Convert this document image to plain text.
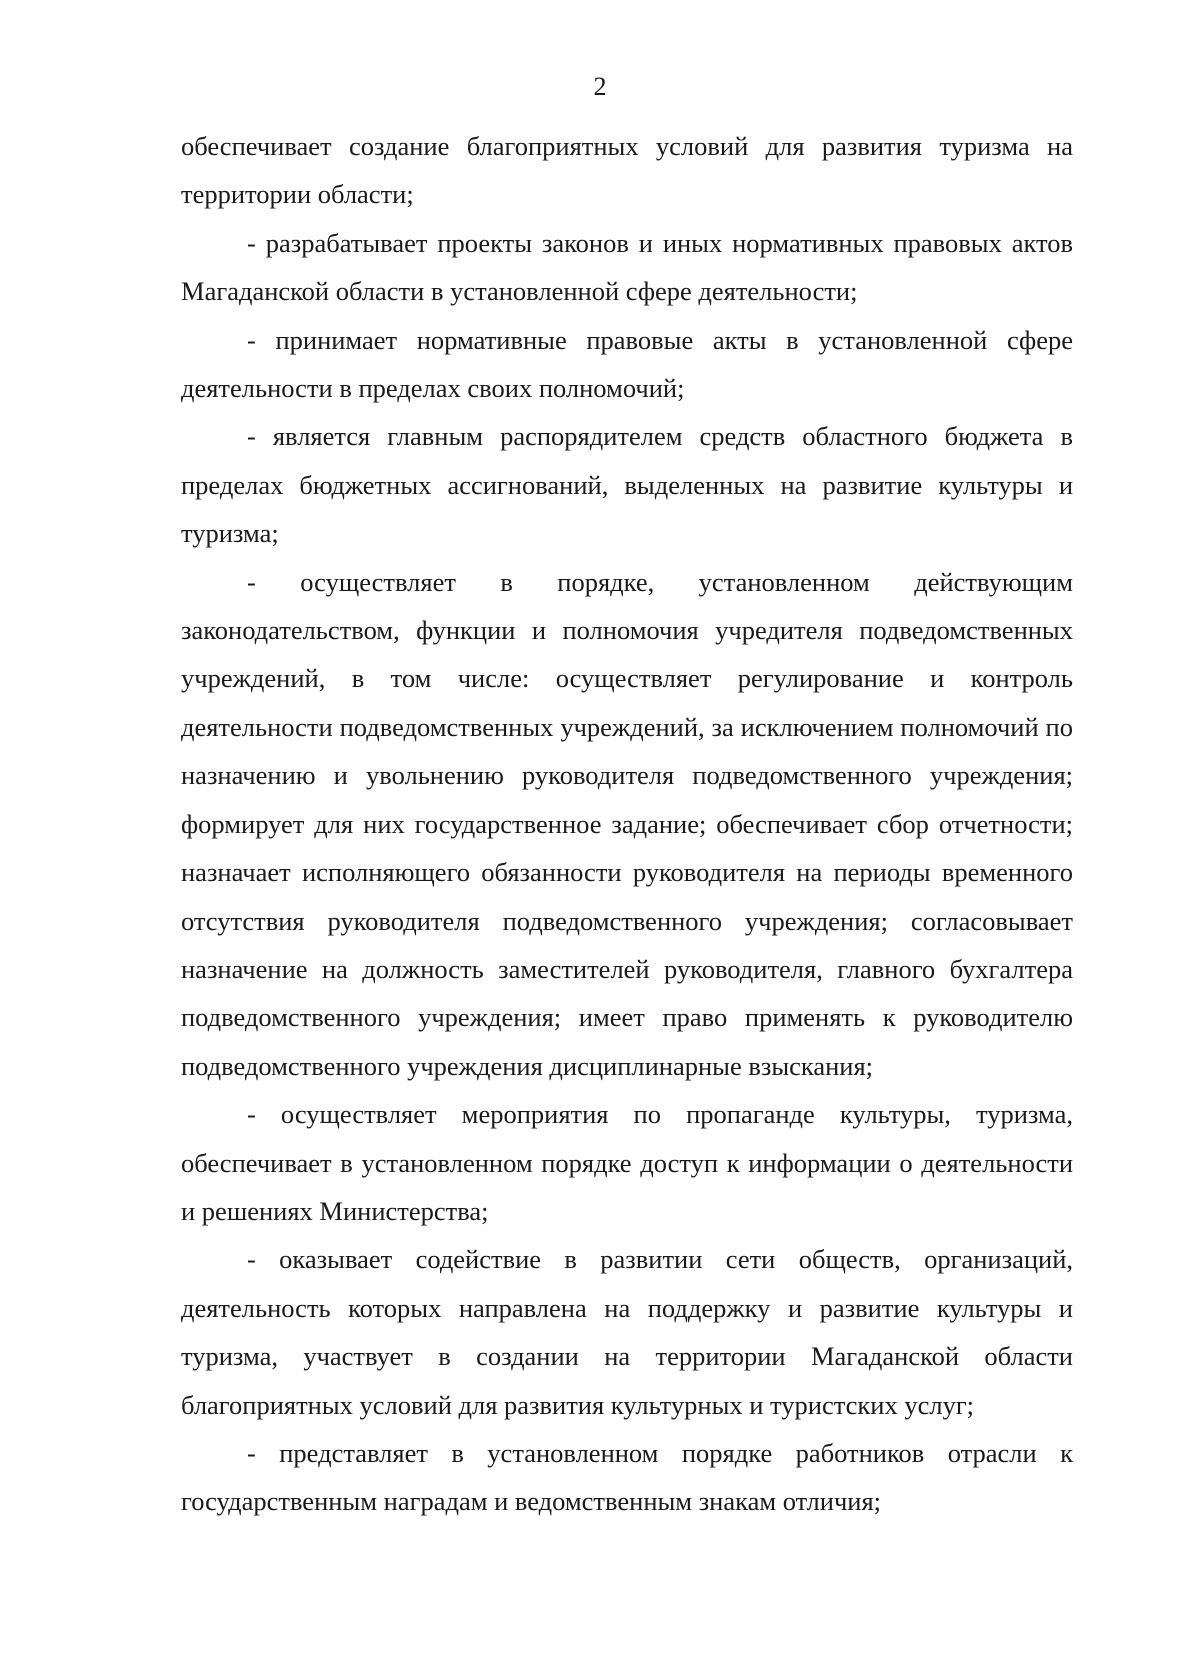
2

обеспечивает создание благоприятных условий для развития туризма на территории области;

- разрабатывает проекты законов и иных нормативных правовых актов Магаданской области в установленной сфере деятельности;

- принимает нормативные правовые акты в установленной сфере деятельности в пределах своих полномочий;

- является главным распорядителем средств областного бюджета в пределах бюджетных ассигнований, выделенных на развитие культуры и туризма;

- осуществляет в порядке, установленном действующим законодательством, функции и полномочия учредителя подведомственных учреждений, в том числе: осуществляет регулирование и контроль деятельности подведомственных учреждений, за исключением полномочий по назначению и увольнению руководителя подведомственного учреждения; формирует для них государственное задание; обеспечивает сбор отчетности; назначает исполняющего обязанности руководителя на периоды временного отсутствия руководителя подведомственного учреждения; согласовывает назначение на должность заместителей руководителя, главного бухгалтера подведомственного учреждения; имеет право применять к руководителю подведомственного учреждения дисциплинарные взыскания;

- осуществляет мероприятия по пропаганде культуры, туризма, обеспечивает в установленном порядке доступ к информации о деятельности и решениях Министерства;

- оказывает содействие в развитии сети обществ, организаций, деятельность которых направлена на поддержку и развитие культуры и туризма, участвует в создании на территории Магаданской области благоприятных условий для развития культурных и туристских услуг;

- представляет в установленном порядке работников отрасли к государственным наградам и ведомственным знакам отличия;
